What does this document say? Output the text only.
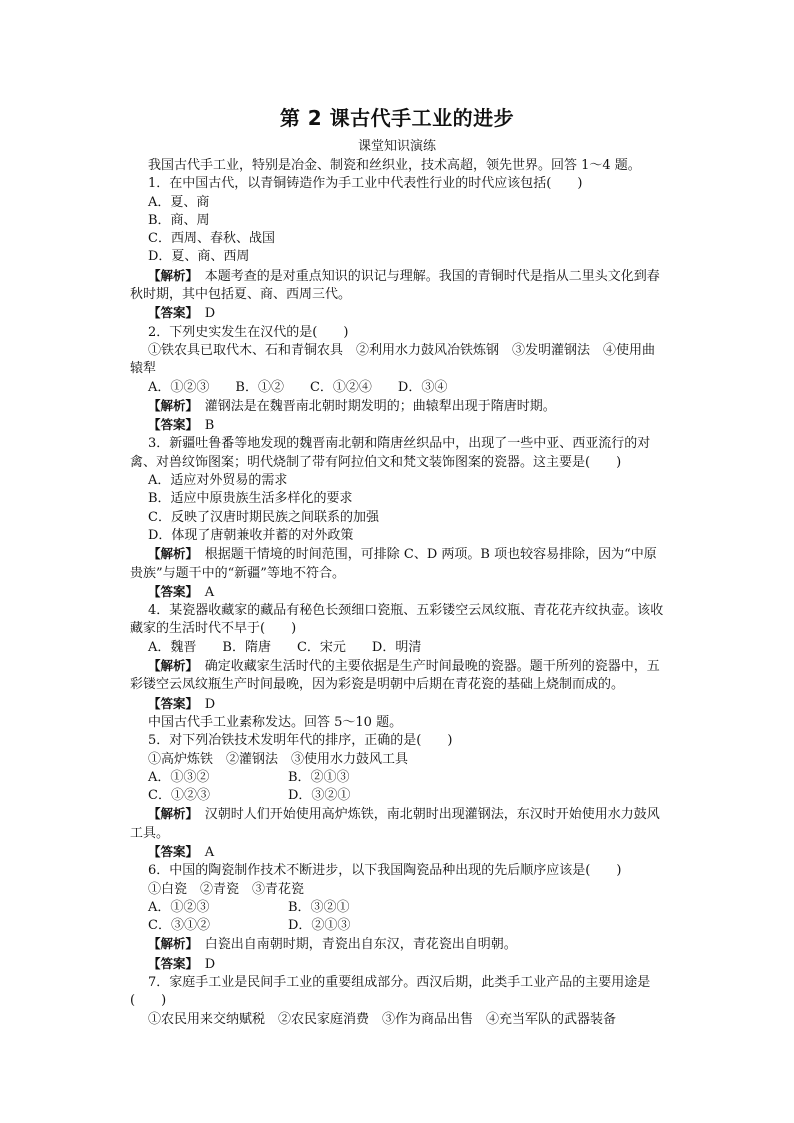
第 2 课古代手工业的进步
课堂知识演练
我国古代手工业，特别是冶金、制瓷和丝织业，技术高超，领先世界。回答 1～4 题。
1．在中国古代，以青铜铸造作为手工业中代表性行业的时代应该包括(　　)
A．夏、商
B．商、周
C．西周、春秋、战国
D．夏、商、西周
【解析】　本题考查的是对重点知识的识记与理解。我国的青铜时代是指从二里头文化到春秋时期，其中包括夏、商、西周三代。
【答案】　D
2．下列史实发生在汉代的是(　　)
①铁农具已取代木、石和青铜农具　②利用水力鼓风冶铁炼钢　③发明灌钢法　④使用曲辕犁
A．①②③ B．①② C．①②④ D．③④
【解析】　灌钢法是在魏晋南北朝时期发明的；曲辕犁出现于隋唐时期。
【答案】　B
3．新疆吐鲁番等地发现的魏晋南北朝和隋唐丝织品中，出现了一些中亚、西亚流行的对禽、对兽纹饰图案；明代烧制了带有阿拉伯文和梵文装饰图案的瓷器。这主要是(　　)
A．适应对外贸易的需求
B．适应中原贵族生活多样化的要求
C．反映了汉唐时期民族之间联系的加强
D．体现了唐朝兼收并蓄的对外政策
【解析】　根据题干情境的时间范围，可排除 C、D 两项。B 项也较容易排除，因为“中原贵族”与题干中的“新疆”等地不符合。
【答案】　A
4．某瓷器收藏家的藏品有秘色长颈细口瓷瓶、五彩镂空云凤纹瓶、青花花卉纹执壶。该收藏家的生活时代不早于(　　)
A．魏晋 B．隋唐 C．宋元 D．明清
【解析】　确定收藏家生活时代的主要依据是生产时间最晚的瓷器。题干所列的瓷器中，五彩镂空云凤纹瓶生产时间最晚，因为彩瓷是明朝中后期在青花瓷的基础上烧制而成的。
【答案】　D
中国古代手工业素称发达。回答 5～10 题。
5．对下列冶铁技术发明年代的排序，正确的是(　　)
①高炉炼铁　②灌钢法　③使用水力鼓风工具
A．①③②	B．②①③
C．①②③	D．③②①
【解析】　汉朝时人们开始使用高炉炼铁，南北朝时出现灌钢法，东汉时开始使用水力鼓风工具。
【答案】　A
6．中国的陶瓷制作技术不断进步，以下我国陶瓷品种出现的先后顺序应该是(　　)
①白瓷　②青瓷　③青花瓷
A．①②③	B．③②①
C．③①②	D．②①③
【解析】　白瓷出自南朝时期，青瓷出自东汉，青花瓷出自明朝。
【答案】　D
7．家庭手工业是民间手工业的重要组成部分。西汉后期，此类手工业产品的主要用途是(　　)
①农民用来交纳赋税　②农民家庭消费　③作为商品出售　④充当军队的武器装备
